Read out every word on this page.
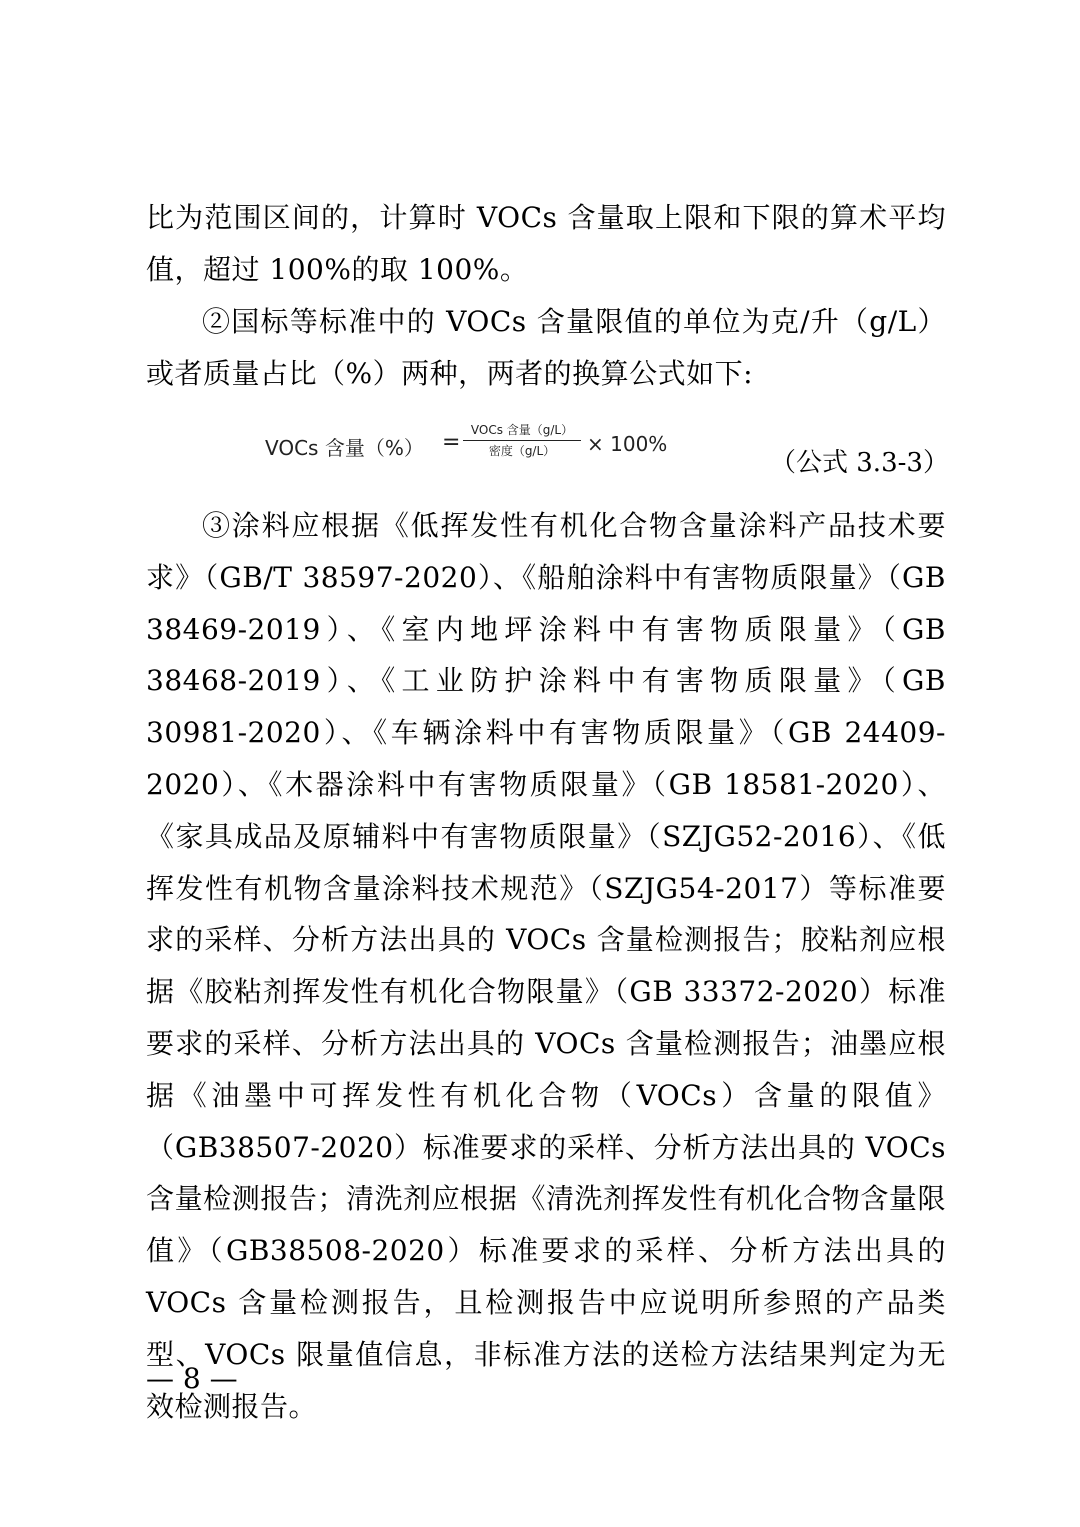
比为范围区间的，计算时 VOCs 含量取上限和下限的算术平均值，超过 100%的取 100%。
②国标等标准中的 VOCs 含量限值的单位为克/升（g/L）或者质量占比（%）两种，两者的换算公式如下:
VOCs 含量（%） = VOCs 含量（g/L）
密度（g/L）	× 100%
（公式 3.3-3）
③涂料应根据《低挥发性有机化合物含量涂料产品技术要求》（GB/T 38597-2020）、《船舶涂料中有害物质限量》（GB 38469-2019）、《室内地坪涂料中有害物质限量》（GB 38468-2019）、《工业防护涂料中有害物质限量》（GB 30981-2020）、《车辆涂料中有害物质限量》（GB 24409-2020）、《木器涂料中有害物质限量》（GB 18581-2020）、《家具成品及原辅料中有害物质限量》（SZJG52-2016）、《低挥发性有机物含量涂料技术规范》（SZJG54-2017）等标准要求的采样、分析方法出具的 VOCs 含量检测报告；胶粘剂应根据《胶粘剂挥发性有机化合物限量》（GB 33372-2020）标准要求的采样、分析方法出具的 VOCs 含量检测报告；油墨应根据《油墨中可挥发性有机化合物（VOCs）含量的限值》（GB38507-2020）标准要求的采样、分析方法出具的 VOCs 含量检测报告；清洗剂应根据《清洗剂挥发性有机化合物含量限值》（GB38508-2020）标准要求的采样、分析方法出具的 VOCs 含量检测报告，且检测报告中应说明所参照的产品类型、VOCs 限量值信息，非标准方法的送检方法结果判定为无效检测报告。
— 8 —
